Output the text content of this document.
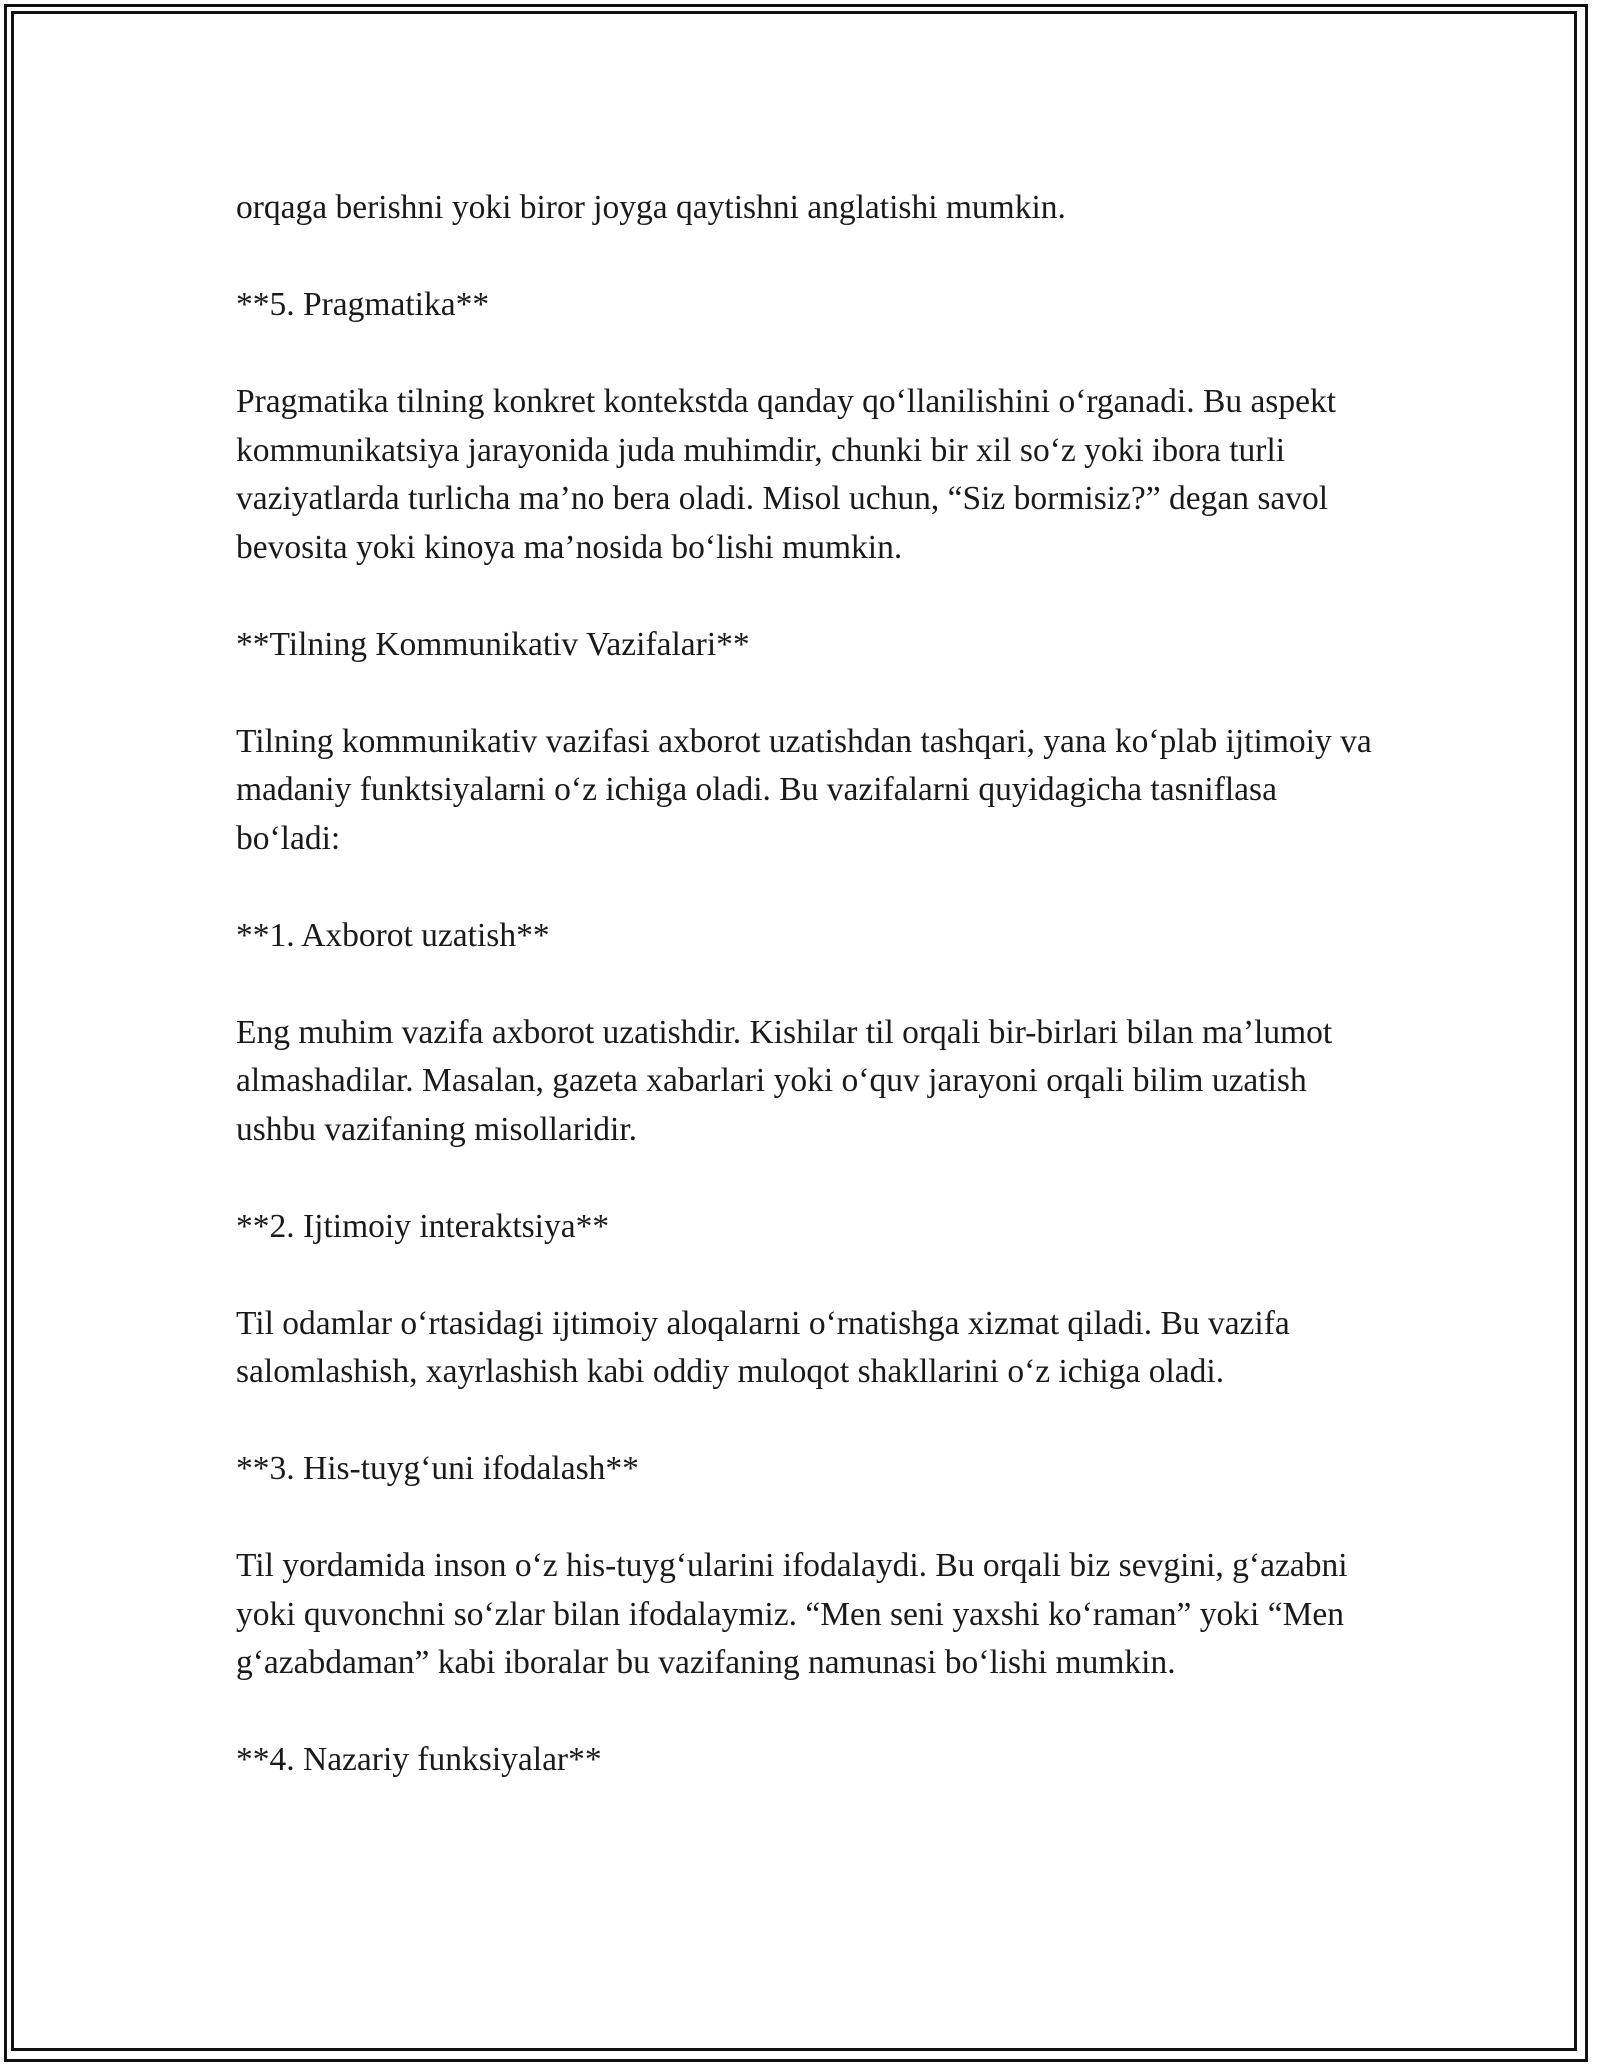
orqaga berishni yoki biror joyga qaytishni anglatishi mumkin.

**5. Pragmatika**

Pragmatika tilning konkret kontekstda qanday qo‘llanilishini o‘rganadi. Bu aspekt kommunikatsiya jarayonida juda muhimdir, chunki bir xil so‘z yoki ibora turli vaziyatlarda turlicha ma’no bera oladi. Misol uchun, “Siz bormisiz?” degan savol bevosita yoki kinoya ma’nosida bo‘lishi mumkin.

**Tilning Kommunikativ Vazifalari**

Tilning kommunikativ vazifasi axborot uzatishdan tashqari, yana ko‘plab ijtimoiy va madaniy funktsiyalarni o‘z ichiga oladi. Bu vazifalarni quyidagicha tasniflasa bo‘ladi:

**1. Axborot uzatish**

Eng muhim vazifa axborot uzatishdir. Kishilar til orqali bir-birlari bilan ma’lumot almashadilar. Masalan, gazeta xabarlari yoki o‘quv jarayoni orqali bilim uzatish ushbu vazifaning misollaridir.

**2. Ijtimoiy interaktsiya**

Til odamlar o‘rtasidagi ijtimoiy aloqalarni o‘rnatishga xizmat qiladi. Bu vazifa salomlashish, xayrlashish kabi oddiy muloqot shakllarini o‘z ichiga oladi.

**3. His-tuyg‘uni ifodalash**

Til yordamida inson o‘z his-tuyg‘ularini ifodalaydi. Bu orqali biz sevgini, g‘azabni yoki quvonchni so‘zlar bilan ifodalaymiz. “Men seni yaxshi ko‘raman” yoki “Men g‘azabdaman” kabi iboralar bu vazifaning namunasi bo‘lishi mumkin.

**4. Nazariy funksiyalar**
